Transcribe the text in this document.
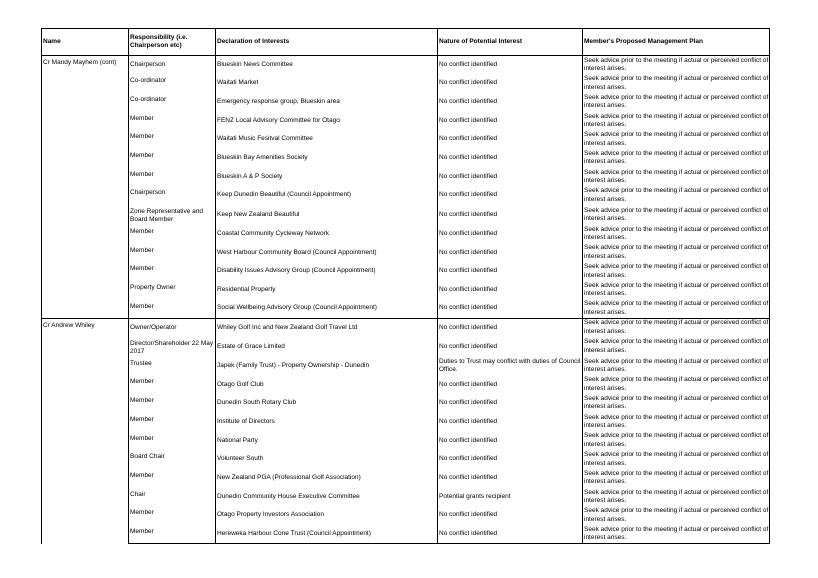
Name	Responsibility (i.e. Chairperson etc)	Declaration of Interests	Nature of Potential Interest	Member's Proposed Management Plan
Cr Mandy Mayhem (cont)	Chairperson	Blueskin News Committee	No conflict identified	Seek advice prior to the meeting if actual or perceived conflict of interest arises.
	Co-ordinator	Waitati Market	No conflict identified	Seek advice prior to the meeting if actual or perceived conflict of interest arises.
	Co-ordinator	Emergency response group, Blueskin area	No conflict identified	Seek advice prior to the meeting if actual or perceived conflict of interest arises.
	Member	FENZ Local Advisory Committee for Otago	No conflict identified	Seek advice prior to the meeting if actual or perceived conflict of interest arises.
	Member	Waitati Music Fesitval Committee	No conflict identified	Seek advice prior to the meeting if actual or perceived conflict of interest arises.
	Member	Blueskin Bay Amenities Society	No conflict identified	Seek advice prior to the meeting if actual or perceived conflict of interest arises.
	Member	Blueskin A & P Society	No conflict identified	Seek advice prior to the meeting if actual or perceived conflict of interest arises.
	Chairperson	Keep Dunedin Beautiful (Council Appointment)	No conflict identified	Seek advice prior to the meeting if actual or perceived conflict of interest arises.
	Zone Representative and Board Member	Keep New Zealand Beautiful	No conflict identified	Seek advice prior to the meeting if actual or perceived conflict of interest arises.
	Member	Coastal Community Cycleway Network	No conflict identified	Seek advice prior to the meeting if actual or perceived conflict of interest arises.
	Member	West Harbour Community Board (Council Appointment)	No conflict identified	Seek advice prior to the meeting if actual or perceived conflict of interest arises.
	Member	Disability Issues Advisory Group (Council Appointment)	No conflict identified	Seek advice prior to the meeting if actual or perceived conflict of interest arises.
	Property Owner	Residential Property	No conflict identified	Seek advice prior to the meeting if actual or perceived conflict of interest arises.
	Member	Social Wellbeing Advisory Group (Council Appointment)	No conflict identified	Seek advice prior to the meeting if actual or perceived conflict of interest arises.
Cr Andrew Whiley	Owner/Operator	Whiley Golf Inc and New Zealand Golf Travel Ltd	No conflict identified	Seek advice prior to the meeting if actual or perceived conflict of interest arises.
	Director/Shareholder 22 May 2017	Estate of Grace Limited	No conflict identified	Seek advice prior to the meeting if actual or perceived conflict of interest arises.
	Trustee	Japek (Family Trust) - Property Ownership - Dunedin	Duties to Trust may conflict with duties of Council Office.	Seek advice prior to the meeting if actual or perceived conflict of interest arises.
	Member	Otago Golf Club	No conflict identified	Seek advice prior to the meeting if actual or perceived conflict of interest arises.
	Member	Dunedin South Rotary Club	No conflict identified	Seek advice prior to the meeting if actual or perceived conflict of interest arises.
	Member	Institute of Directors	No conflict identified	Seek advice prior to the meeting if actual or perceived conflict of interest arises.
	Member	National Party	No conflict identified	Seek advice prior to the meeting if actual or perceived conflict of interest arises.
	Board Chair	Volunteer South	No conflict identified	Seek advice prior to the meeting if actual or perceived conflict of interest arises.
	Member	New Zealand PGA (Professional Golf Association)	No conflict identified	Seek advice prior to the meeting if actual or perceived conflict of interest arises.
	Chair	Dunedin Community House Executive Committee	Potential grants recipient	Seek advice prior to the meeting if actual or perceived conflict of interest arises.
	Member	Otago Property Investors Association	No conflict identified	Seek advice prior to the meeting if actual or perceived conflict of interest arises.
	Member	Hereweka Harbour Cone Trust (Council Appointment)	No conflict identified	Seek advice prior to the meeting if actual or perceived conflict of interest arises.
